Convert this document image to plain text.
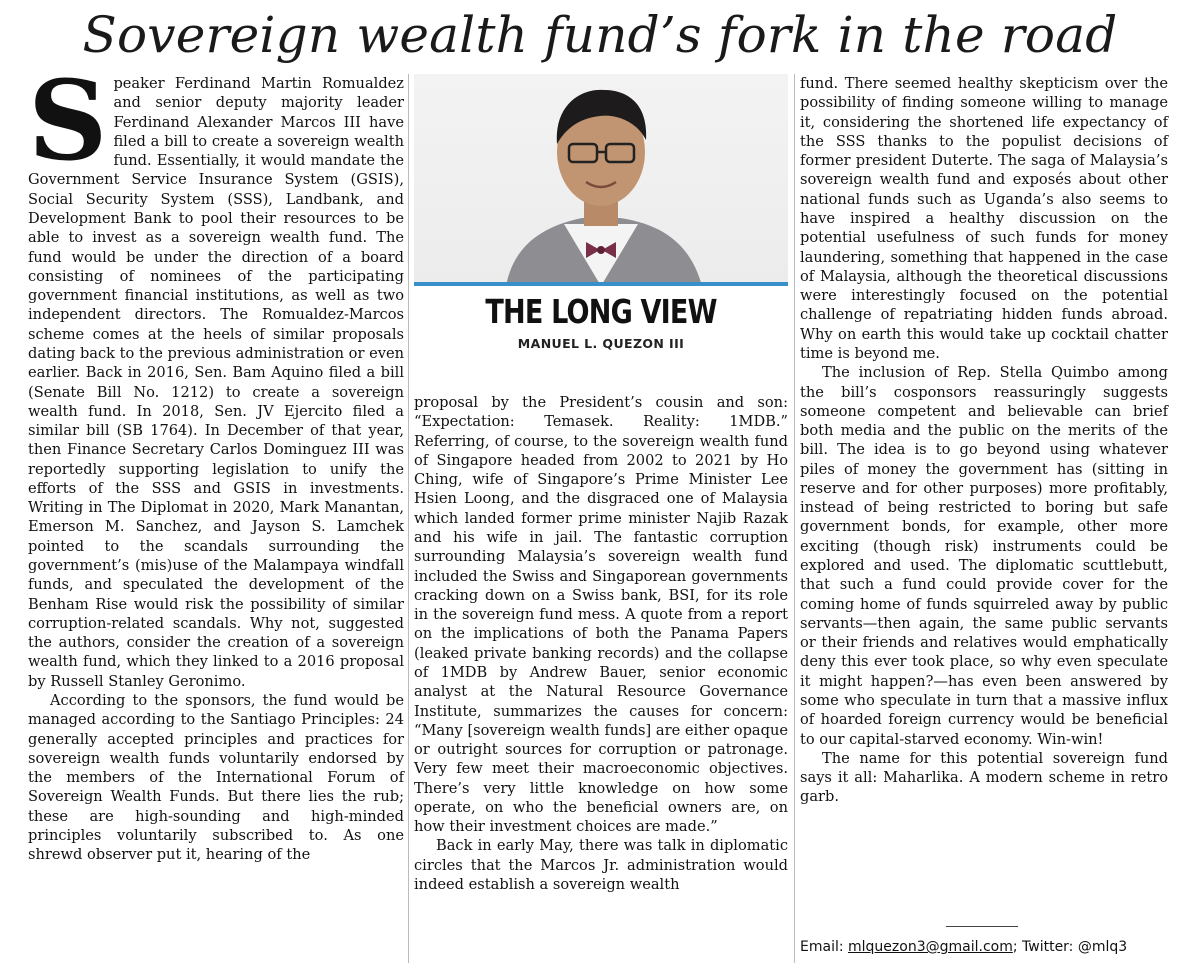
Sovereign wealth fund’s fork in the road

Speaker Ferdinand Martin Romualdez and senior deputy majority leader Ferdinand Alexander Marcos III have filed a bill to create a sovereign wealth fund. Essentially, it would mandate the Government Service Insurance System (GSIS), Social Security System (SSS), Landbank, and Development Bank to pool their resources to be able to invest as a sovereign wealth fund. The fund would be under the direction of a board consisting of nominees of the participating government financial institutions, as well as two independent directors. The Romualdez-Marcos scheme comes at the heels of similar proposals dating back to the previous administration or even earlier. Back in 2016, Sen. Bam Aquino filed a bill (Senate Bill No. 1212) to create a sovereign wealth fund. In 2018, Sen. JV Ejercito filed a similar bill (SB 1764). In December of that year, then Finance Secretary Carlos Dominguez III was reportedly supporting legislation to unify the efforts of the SSS and GSIS in investments. Writing in The Diplomat in 2020, Mark Manantan, Emerson M. Sanchez, and Jayson S. Lamchek pointed to the scandals surrounding the government’s (mis)use of the Malampaya windfall funds, and speculated the development of the Benham Rise would risk the possibility of similar corruption-related scandals. Why not, suggested the authors, consider the creation of a sovereign wealth fund, which they linked to a 2016 proposal by Russell Stanley Geronimo.

According to the sponsors, the fund would be managed according to the Santiago Principles: 24 generally accepted principles and practices for sovereign wealth funds voluntarily endorsed by the members of the International Forum of Sovereign Wealth Funds. But there lies the rub; these are high-sounding and high-minded principles voluntarily subscribed to. As one shrewd observer put it, hearing of the

THE LONG VIEW
MANUEL L. QUEZON III

proposal by the President’s cousin and son: “Expectation: Temasek. Reality: 1MDB.” Referring, of course, to the sovereign wealth fund of Singapore headed from 2002 to 2021 by Ho Ching, wife of Singapore’s Prime Minister Lee Hsien Loong, and the disgraced one of Malaysia which landed former prime minister Najib Razak and his wife in jail. The fantastic corruption surrounding Malaysia’s sovereign wealth fund included the Swiss and Singaporean governments cracking down on a Swiss bank, BSI, for its role in the sovereign fund mess. A quote from a report on the implications of both the Panama Papers (leaked private banking records) and the collapse of 1MDB by Andrew Bauer, senior economic analyst at the Natural Resource Governance Institute, summarizes the causes for concern: “Many [sovereign wealth funds] are either opaque or outright sources for corruption or patronage. Very few meet their macroeconomic objectives. There’s very little knowledge on how some operate, on who the beneficial owners are, on how their investment choices are made.”

Back in early May, there was talk in diplomatic circles that the Marcos Jr. administration would indeed establish a sovereign wealth

fund. There seemed healthy skepticism over the possibility of finding someone willing to manage it, considering the shortened life expectancy of the SSS thanks to the populist decisions of former president Duterte. The saga of Malaysia’s sovereign wealth fund and exposés about other national funds such as Uganda’s also seems to have inspired a healthy discussion on the potential usefulness of such funds for money laundering, something that happened in the case of Malaysia, although the theoretical discussions were interestingly focused on the potential challenge of repatriating hidden funds abroad. Why on earth this would take up cocktail chatter time is beyond me.

The inclusion of Rep. Stella Quimbo among the bill’s cosponsors reassuringly suggests someone competent and believable can brief both media and the public on the merits of the bill. The idea is to go beyond using whatever piles of money the government has (sitting in reserve and for other purposes) more profitably, instead of being restricted to boring but safe government bonds, for example, other more exciting (though risk) instruments could be explored and used. The diplomatic scuttlebutt, that such a fund could provide cover for the coming home of funds squirreled away by public servants—then again, the same public servants or their friends and relatives would emphatically deny this ever took place, so why even speculate it might happen?—has even been answered by some who speculate in turn that a massive influx of hoarded foreign currency would be beneficial to our capital-starved economy. Win-win!

The name for this potential sovereign fund says it all: Maharlika. A modern scheme in retro garb.

Email: mlquezon3@gmail.com; Twitter: @mlq3
